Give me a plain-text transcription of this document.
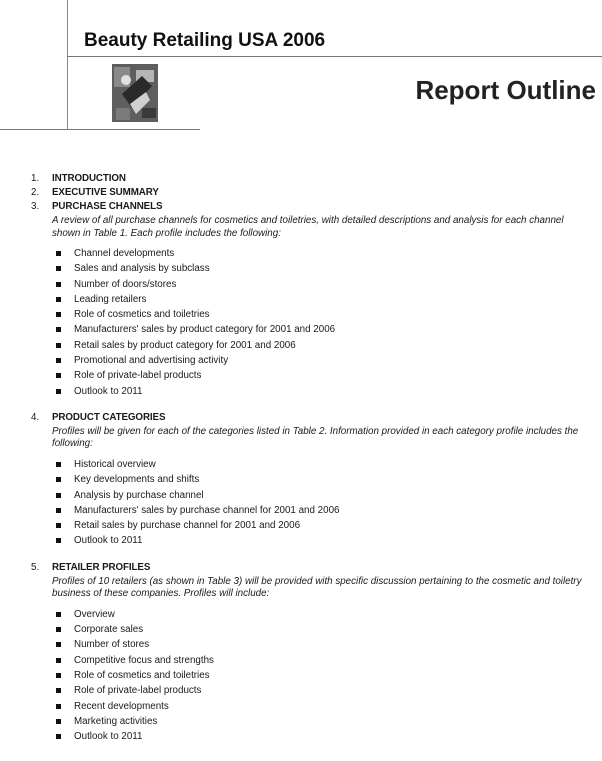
Beauty Retailing USA 2006
Report Outline
1. INTRODUCTION
2. EXECUTIVE SUMMARY
3. PURCHASE CHANNELS
A review of all purchase channels for cosmetics and toiletries, with detailed descriptions and analysis for each channel shown in Table 1. Each profile includes the following:
Channel developments
Sales and analysis by subclass
Number of doors/stores
Leading retailers
Role of cosmetics and toiletries
Manufacturers' sales by product category for 2001 and 2006
Retail sales by product category for 2001 and 2006
Promotional and advertising activity
Role of private-label products
Outlook to 2011
4. PRODUCT CATEGORIES
Profiles will be given for each of the categories listed in Table 2. Information provided in each category profile includes the following:
Historical overview
Key developments and shifts
Analysis by purchase channel
Manufacturers' sales by purchase channel for 2001 and 2006
Retail sales by purchase channel for 2001 and 2006
Outlook to 2011
5. RETAILER PROFILES
Profiles of 10 retailers (as shown in Table 3) will be provided with specific discussion pertaining to the cosmetic and toiletry business of these companies. Profiles will include:
Overview
Corporate sales
Number of stores
Competitive focus and strengths
Role of cosmetics and toiletries
Role of private-label products
Recent developments
Marketing activities
Outlook to 2011
